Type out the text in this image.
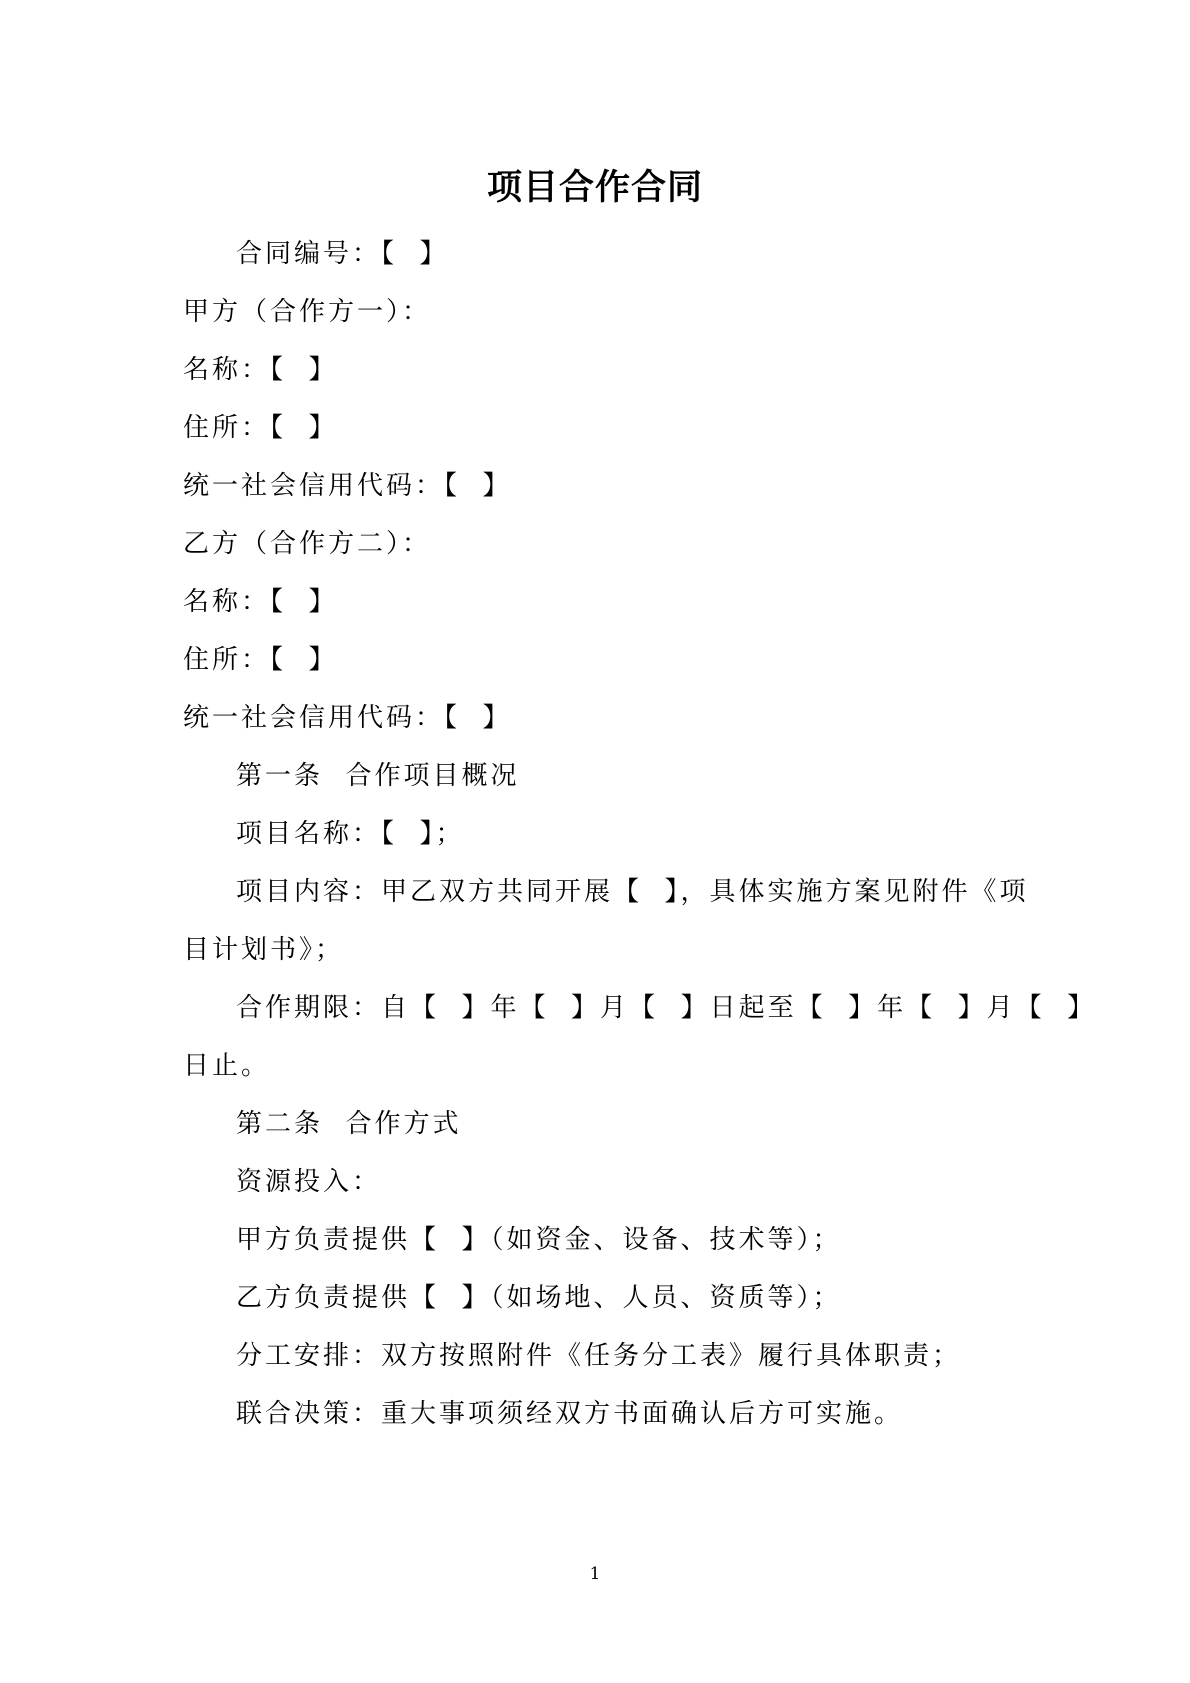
项目合作合同
合同编号：【  】
甲方（合作方一）：
名称：【  】
住所：【  】
统一社会信用代码：【  】
乙方（合作方二）：
名称：【  】
住所：【  】
统一社会信用代码：【  】
第一条  合作项目概况
项目名称：【  】；
项目内容：甲乙双方共同开展【  】，具体实施方案见附件《项
目计划书》；
合作期限：自【  】年【  】月【  】日起至【  】年【  】月【  】
日止。
第二条  合作方式
资源投入：
甲方负责提供【  】（如资金、设备、技术等）；
乙方负责提供【  】（如场地、人员、资质等）；
分工安排：双方按照附件《任务分工表》履行具体职责；
联合决策：重大事项须经双方书面确认后方可实施。
1
